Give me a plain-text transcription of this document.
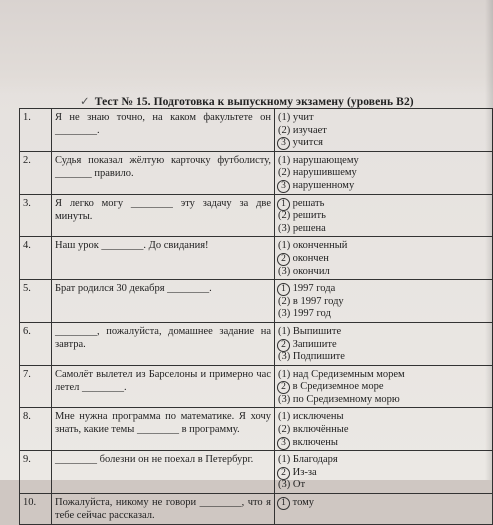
✓ Тест № 15. Подготовка к выпускному экзамену (уровень B2)
1.	Я не знаю точно, на каком факультете он ________.	(1) учит
(2) изучает
3 учится

2.	Судья показал жёлтую карточку футболисту, _______ правило.	(1) нарушающему
(2) нарушившему
3 нарушенному

3.	Я легко могу ________ эту задачу за две минуты.	1 решать
(2) решить
(3) решена

4.	Наш урок ________. До свидания!	(1) оконченный
2 окончен
(3) окончил

5.	Брат родился 30 декабря ________.	1 1997 года
(2) в 1997 году
(3) 1997 год

6.	________, пожалуйста, домашнее задание на завтра.	(1) Выпишите
2 Запишите
(3) Подпишите

7.	Самолёт вылетел из Барселоны и примерно час летел ________.	(1) над Средиземным морем
2 в Средиземное море
(3) по Средиземному морю

8.	Мне нужна программа по математике. Я хочу знать, какие темы ________ в программу.	(1) исключены
(2) включённые
3 включены

9.	________ болезни он не поехал в Петербург.	(1) Благодаря
2 Из-за
(3) От

10.	Пожалуйста, никому не говори ________, что я тебе сейчас рассказал.	1 тому
